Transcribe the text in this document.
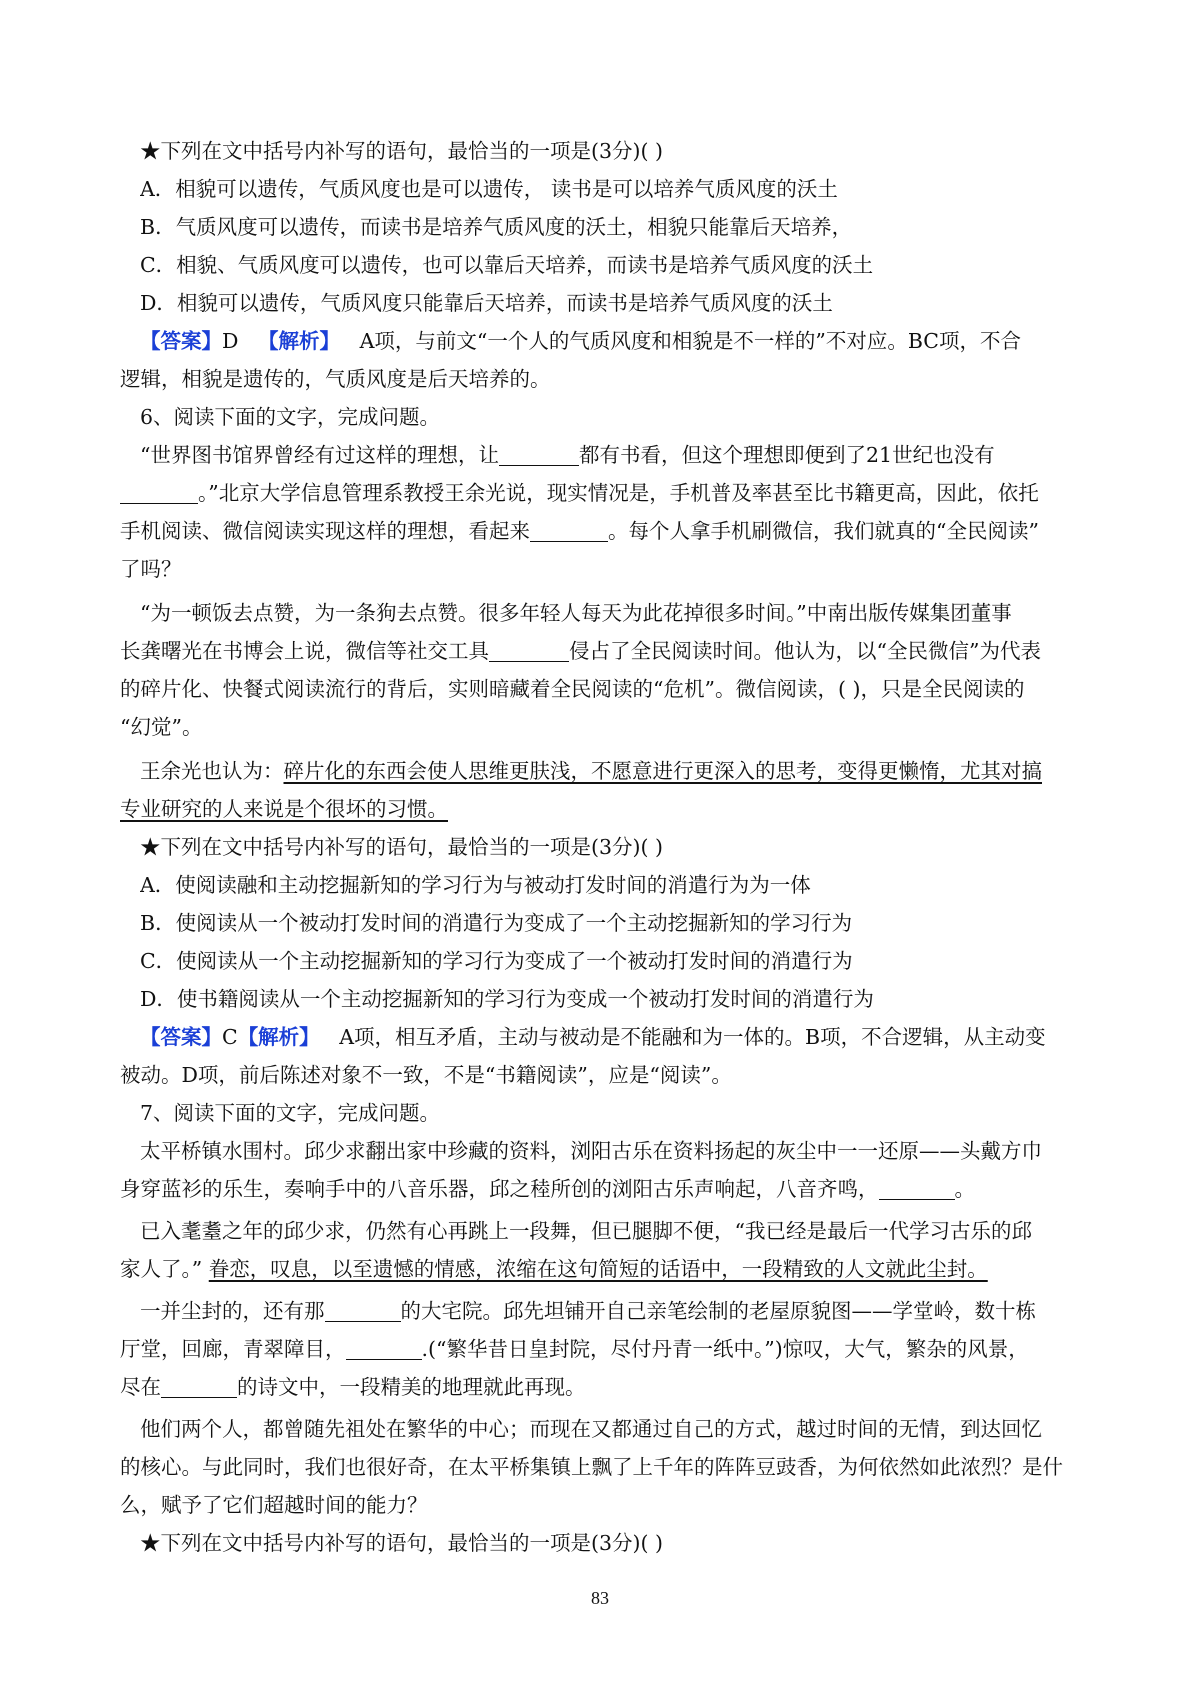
★下列在文中括号内补写的语句，最恰当的一项是(3分)( )

A．相貌可以遗传，气质风度也是可以遗传， 读书是可以培养气质风度的沃土

B．气质风度可以遗传，而读书是培养气质风度的沃土，相貌只能靠后天培养，

C．相貌、气质风度可以遗传，也可以靠后天培养，而读书是培养气质风度的沃土

D．相貌可以遗传，气质风度只能靠后天培养，而读书是培养气质风度的沃土

【答案】D 【解析】 A项，与前文“一个人的气质风度和相貌是不一样的”不对应。BC项，不合

逻辑，相貌是遗传的，气质风度是后天培养的。

6、阅读下面的文字，完成问题。

“世界图书馆界曾经有过这样的理想，让	都有书看，但这个理想即便到了21世纪也没有

。”北京大学信息管理系教授王余光说，现实情况是，手机普及率甚至比书籍更高，因此，依托

手机阅读、微信阅读实现这样的理想，看起来	。每个人拿手机刷微信，我们就真的“全民阅读”

了吗？

“为一顿饭去点赞，为一条狗去点赞。很多年轻人每天为此花掉很多时间。”中南出版传媒集团董事

长龚曙光在书博会上说，微信等社交工具	侵占了全民阅读时间。他认为，以“全民微信”为代表

的碎片化、快餐式阅读流行的背后，实则暗藏着全民阅读的“危机”。微信阅读，( )，只是全民阅读的

“幻觉”。

王余光也认为：碎片化的东西会使人思维更肤浅，不愿意进行更深入的思考，变得更懒惰，尤其对搞

专业研究的人来说是个很坏的习惯。

★下列在文中括号内补写的语句，最恰当的一项是(3分)( )

A．使阅读融和主动挖掘新知的学习行为与被动打发时间的消遣行为为一体

B．使阅读从一个被动打发时间的消遣行为变成了一个主动挖掘新知的学习行为

C．使阅读从一个主动挖掘新知的学习行为变成了一个被动打发时间的消遣行为

D．使书籍阅读从一个主动挖掘新知的学习行为变成一个被动打发时间的消遣行为

【答案】C【解析】 A项，相互矛盾，主动与被动是不能融和为一体的。B项，不合逻辑，从主动变

被动。D项，前后陈述对象不一致，不是“书籍阅读”，应是“阅读”。

7、阅读下面的文字，完成问题。

太平桥镇水围村。邱少求翻出家中珍藏的资料，浏阳古乐在资料扬起的灰尘中一一还原——头戴方巾

身穿蓝衫的乐生，奏响手中的八音乐器，邱之稑所创的浏阳古乐声响起，八音齐鸣，	。

已入耄耋之年的邱少求，仍然有心再跳上一段舞，但已腿脚不便，“我已经是最后一代学习古乐的邱

家人了。” 眷恋，叹息，以至遗憾的情感，浓缩在这句简短的话语中，一段精致的人文就此尘封。

一并尘封的，还有那	的大宅院。邱先坦铺开自己亲笔绘制的老屋原貌图——学堂岭，数十栋

厅堂，回廊，青翠障目，	.(“繁华昔日皇封院，尽付丹青一纸中。”)惊叹，大气，繁杂的风景，

尽在	的诗文中，一段精美的地理就此再现。

他们两个人，都曾随先祖处在繁华的中心；而现在又都通过自己的方式，越过时间的无情，到达回忆

的核心。与此同时，我们也很好奇，在太平桥集镇上飘了上千年的阵阵豆豉香，为何依然如此浓烈？是什

么，赋予了它们超越时间的能力？

★下列在文中括号内补写的语句，最恰当的一项是(3分)( )

83
